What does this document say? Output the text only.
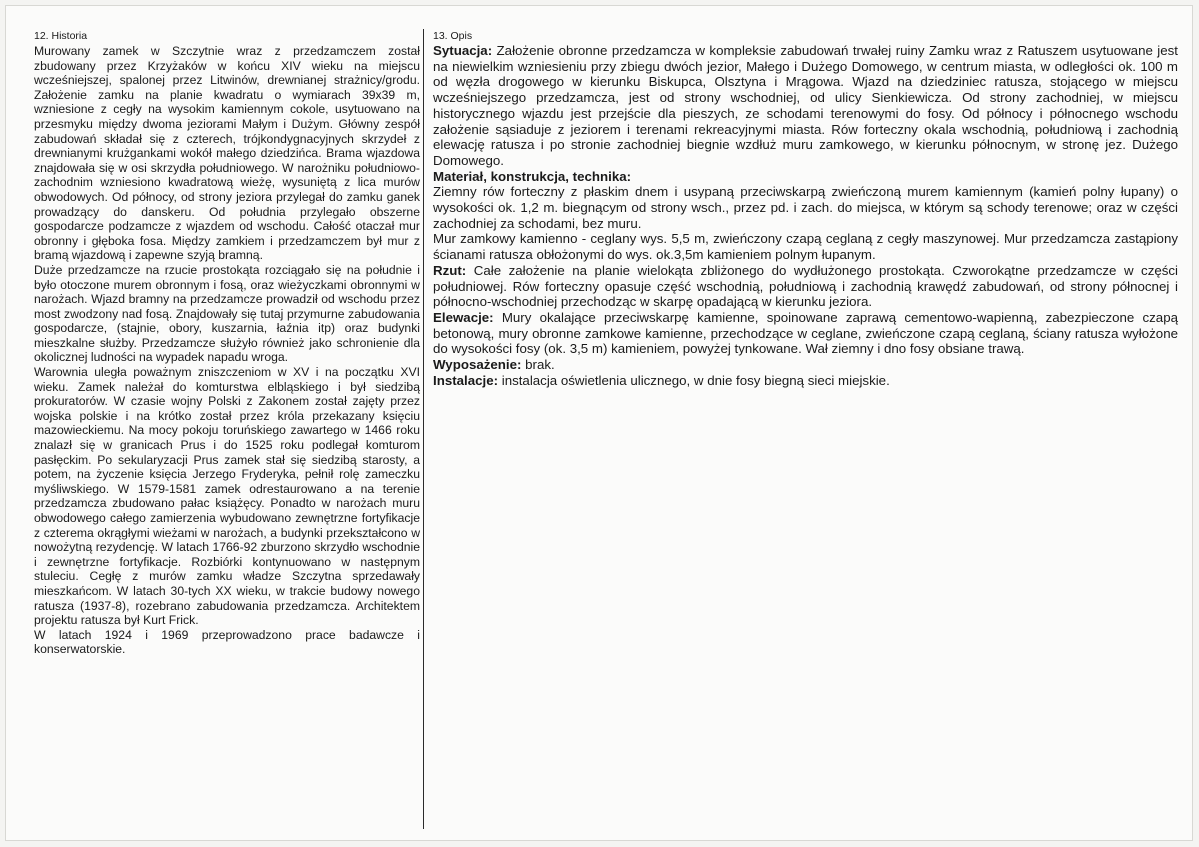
12. Historia

Murowany zamek w Szczytnie wraz z przedzamczem został zbudowany przez Krzyżaków w końcu XIV wieku na miejscu wcześniejszej, spalonej przez Litwinów, drewnianej strażnicy/grodu. Założenie zamku na planie kwadratu o wymiarach 39x39 m, wzniesione z cegły na wysokim kamiennym cokole, usytuowano na przesmyku między dwoma jeziorami Małym i Dużym. Główny zespół zabudowań składał się z czterech, trójkondygnacyjnych skrzydeł z drewnianymi krużgankami wokół małego dziedzińca. Brama wjazdowa znajdowała się w osi skrzydła południowego. W narożniku południowo-zachodnim wzniesiono kwadratową wieżę, wysuniętą z lica murów obwodowych. Od północy, od strony jeziora przylegał do zamku ganek prowadzący do danskeru. Od południa przylegało obszerne gospodarcze podzamcze z wjazdem od wschodu. Całość otaczał mur obronny i głęboka fosa. Między zamkiem i przedzamczem był mur z bramą wjazdową i zapewne szyją bramną.

Duże przedzamcze na rzucie prostokąta rozciągało się na południe i było otoczone murem obronnym i fosą, oraz wieżyczkami obronnymi w narożach. Wjazd bramny na przedzamcze prowadził od wschodu przez most zwodzony nad fosą. Znajdowały się tutaj przymurne zabudowania gospodarcze, (stajnie, obory, kuszarnia, łaźnia itp) oraz budynki mieszkalne służby. Przedzamcze służyło również jako schronienie dla okolicznej ludności na wypadek napadu wroga.

Warownia uległa poważnym zniszczeniom w XV i na początku XVI wieku. Zamek należał do komturstwa elbląskiego i był siedzibą prokuratorów. W czasie wojny Polski z Zakonem został zajęty przez wojska polskie i na krótko został przez króla przekazany księciu mazowieckiemu. Na mocy pokoju toruńskiego zawartego w 1466 roku znalazł się w granicach Prus i do 1525 roku podlegał komturom pasłęckim. Po sekularyzacji Prus zamek stał się siedzibą starosty, a potem, na życzenie księcia Jerzego Fryderyka, pełnił rolę zameczku myśliwskiego. W 1579-1581 zamek odrestaurowano a na terenie przedzamcza zbudowano pałac książęcy. Ponadto w narożach muru obwodowego całego zamierzenia wybudowano zewnętrzne fortyfikacje z czterema okrągłymi wieżami w narożach, a budynki przekształcono w nowożytną rezydencję. W latach 1766-92 zburzono skrzydło wschodnie i zewnętrzne fortyfikacje. Rozbiórki kontynuowano w następnym stuleciu. Cegłę z murów zamku władze Szczytna sprzedawały mieszkańcom. W latach 30-tych XX wieku, w trakcie budowy nowego ratusza (1937-8), rozebrano zabudowania przedzamcza. Architektem projektu ratusza był Kurt Frick.

W latach 1924 i 1969 przeprowadzono prace badawcze i konserwatorskie.

13. Opis

Sytuacja: Założenie obronne przedzamcza w kompleksie zabudowań trwałej ruiny Zamku wraz z Ratuszem usytuowane jest na niewielkim wzniesieniu przy zbiegu dwóch jezior, Małego i Dużego Domowego, w centrum miasta, w odległości ok. 100 m od węzła drogowego w kierunku Biskupca, Olsztyna i Mrągowa. Wjazd na dziedziniec ratusza, stojącego w miejscu wcześniejszego przedzamcza, jest od strony wschodniej, od ulicy Sienkiewicza. Od strony zachodniej, w miejscu historycznego wjazdu jest przejście dla pieszych, ze schodami terenowymi do fosy. Od północy i północnego wschodu założenie sąsiaduje z jeziorem i terenami rekreacyjnymi miasta. Rów forteczny okala wschodnią, południową i zachodnią elewację ratusza i po stronie zachodniej biegnie wzdłuż muru zamkowego, w kierunku północnym, w stronę jez. Dużego Domowego.

Materiał, konstrukcja, technika:

Ziemny rów forteczny z płaskim dnem i usypaną przeciwskarpą zwieńczoną murem kamiennym (kamień polny łupany) o wysokości ok. 1,2 m. biegnącym od strony wsch., przez pd. i zach. do miejsca, w którym są schody terenowe; oraz w części zachodniej za schodami, bez muru.

Mur zamkowy kamienno - ceglany wys. 5,5 m, zwieńczony czapą ceglaną z cegły maszynowej. Mur przedzamcza zastąpiony ścianami ratusza obłożonymi do wys. ok.3,5m kamieniem polnym łupanym.

Rzut: Całe założenie na planie wielokąta zbliżonego do wydłużonego prostokąta. Czworokątne przedzamcze w części południowej. Rów forteczny opasuje część wschodnią, południową i zachodnią krawędź zabudowań, od strony północnej i północno-wschodniej przechodząc w skarpę opadającą w kierunku jeziora.

Elewacje: Mury okalające przeciwskarpę kamienne, spoinowane zaprawą cementowo-wapienną, zabezpieczone czapą betonową, mury obronne zamkowe kamienne, przechodzące w ceglane, zwieńczone czapą ceglaną, ściany ratusza wyłożone do wysokości fosy (ok. 3,5 m) kamieniem, powyżej tynkowane. Wał ziemny i dno fosy obsiane trawą.

Wyposażenie: brak.

Instalacje: instalacja oświetlenia ulicznego, w dnie fosy biegną sieci miejskie.
